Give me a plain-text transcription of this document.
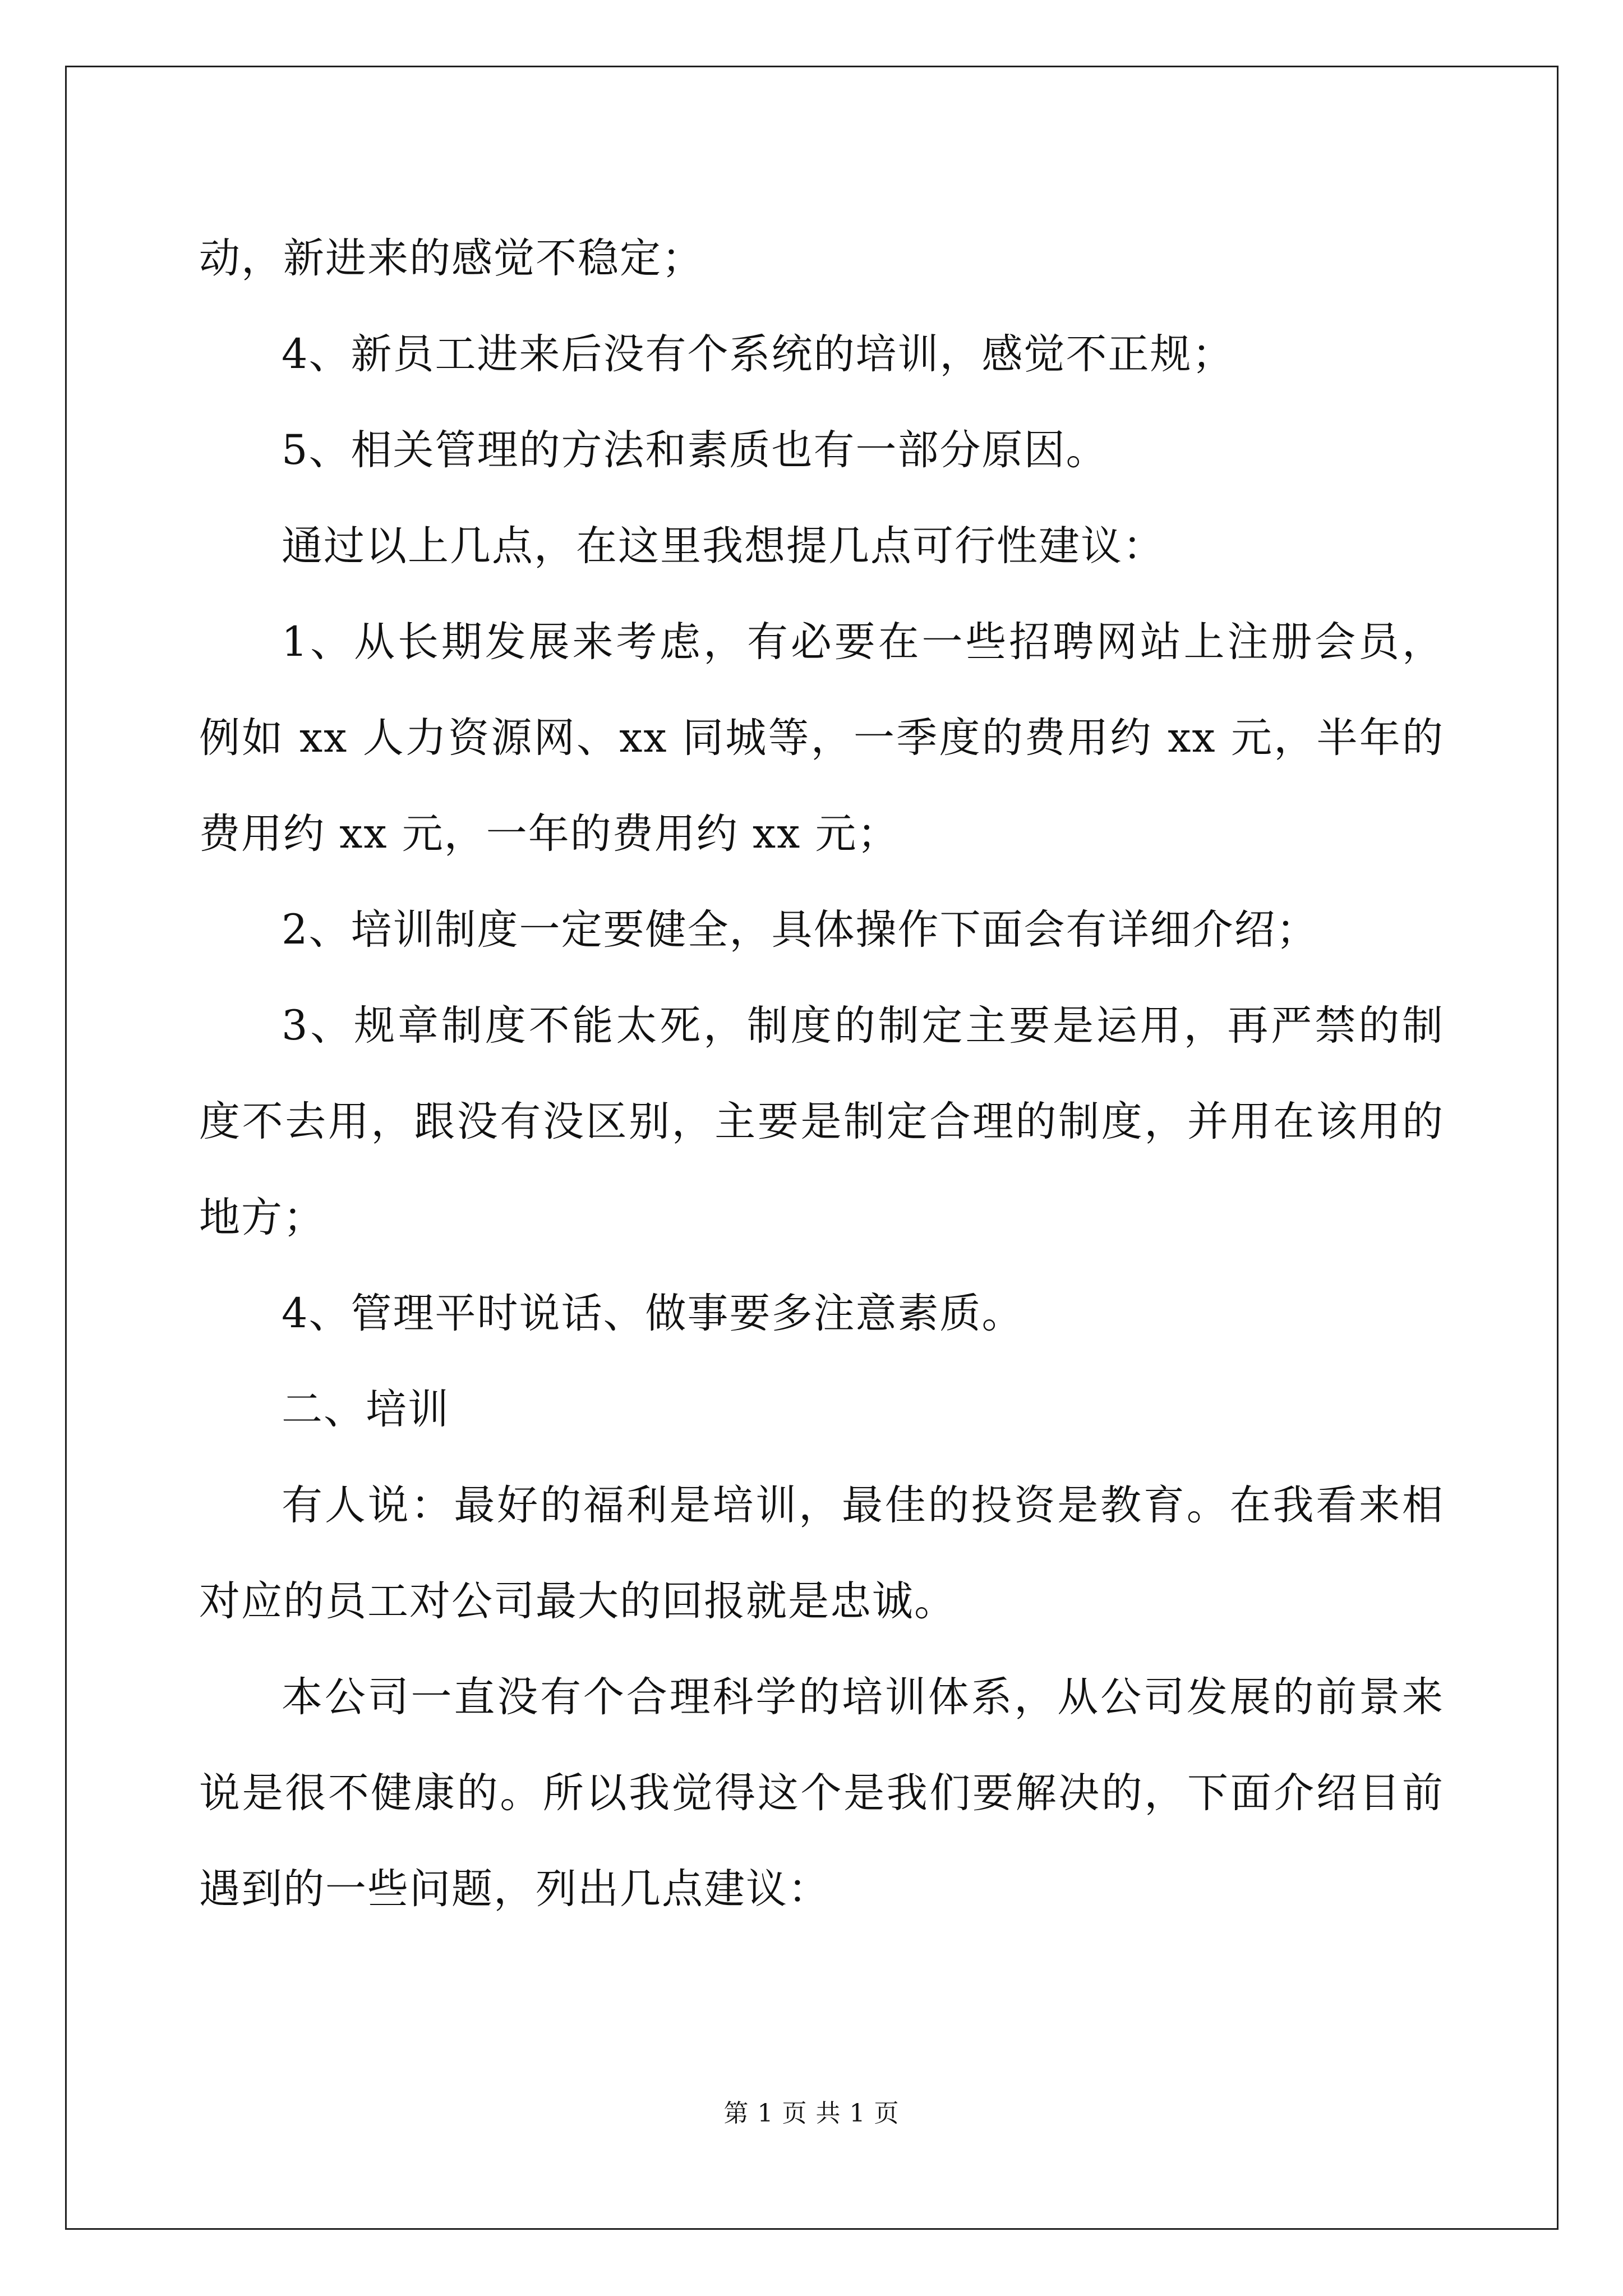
动，新进来的感觉不稳定；

4、新员工进来后没有个系统的培训，感觉不正规；

5、相关管理的方法和素质也有一部分原因。

通过以上几点，在这里我想提几点可行性建议：

1、从长期发展来考虑，有必要在一些招聘网站上注册会员，例如 xx 人力资源网、xx 同城等，一季度的费用约 xx 元，半年的费用约 xx 元，一年的费用约 xx 元；

2、培训制度一定要健全，具体操作下面会有详细介绍；

3、规章制度不能太死，制度的制定主要是运用，再严禁的制度不去用，跟没有没区别，主要是制定合理的制度，并用在该用的地方；

4、管理平时说话、做事要多注意素质。

二、培训

有人说：最好的福利是培训，最佳的投资是教育。在我看来相对应的员工对公司最大的回报就是忠诚。

本公司一直没有个合理科学的培训体系，从公司发展的前景来说是很不健康的。所以我觉得这个是我们要解决的，下面介绍目前遇到的一些问题，列出几点建议：

第 1 页 共 1 页
